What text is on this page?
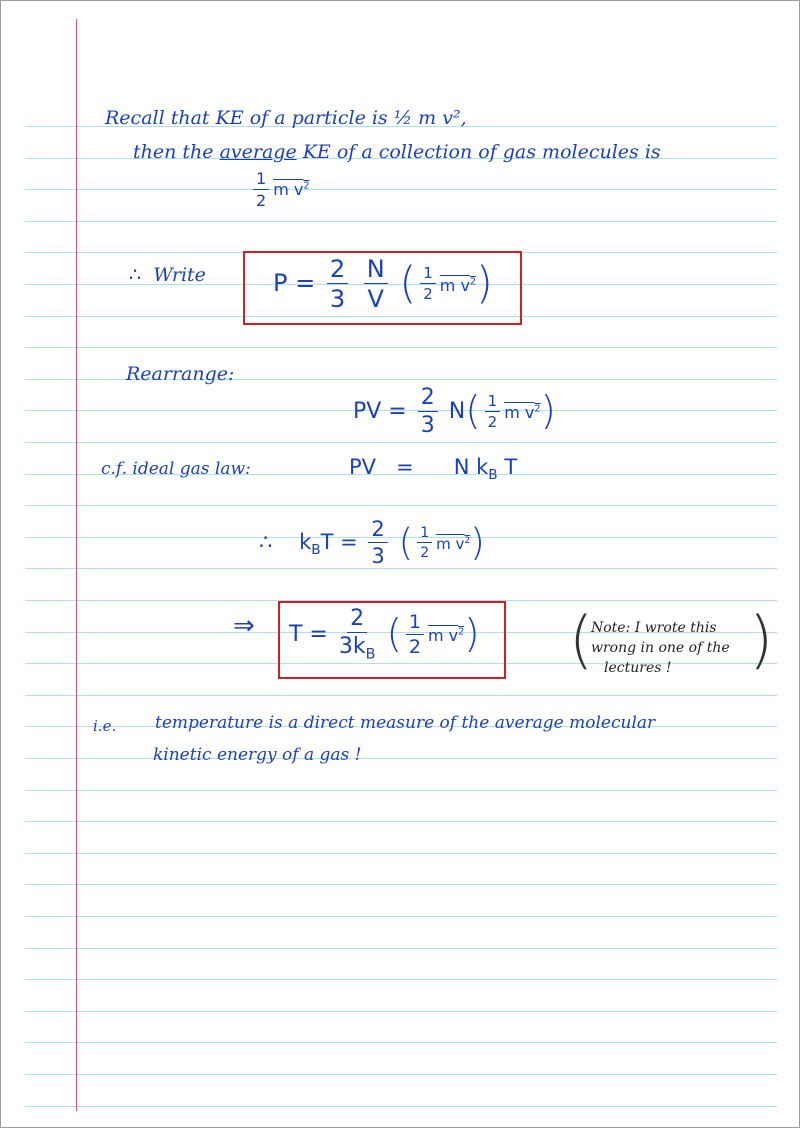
Recall that KE of a particle is ½ m v²,
then the average KE of a collection of gas molecules is
$\frac{1}{2}$ m $v^2$
∴ Write	$P = \frac{2}{3}$
$\frac{N}{V}$ ( $\frac{1}{2}$ m $v^2$)
Rearrange:
PV = $\frac{2}{3} N( \frac{1}{2}$ m $v^2$)
c.f. ideal gas law:	PV = N $k_B$ T
∴ $k_BT = \frac{2}{3}$ ( $\frac{1}{2}$ m $v^2$)
⇒ $T = \frac{2}{3k_B}$ ( $\frac{1}{2}$ m $v^2$) (	)
Note: I wrote this
wrong in one of the
lectures !
i.e. temperature is a direct measure of the average molecular
kinetic energy of a gas !
